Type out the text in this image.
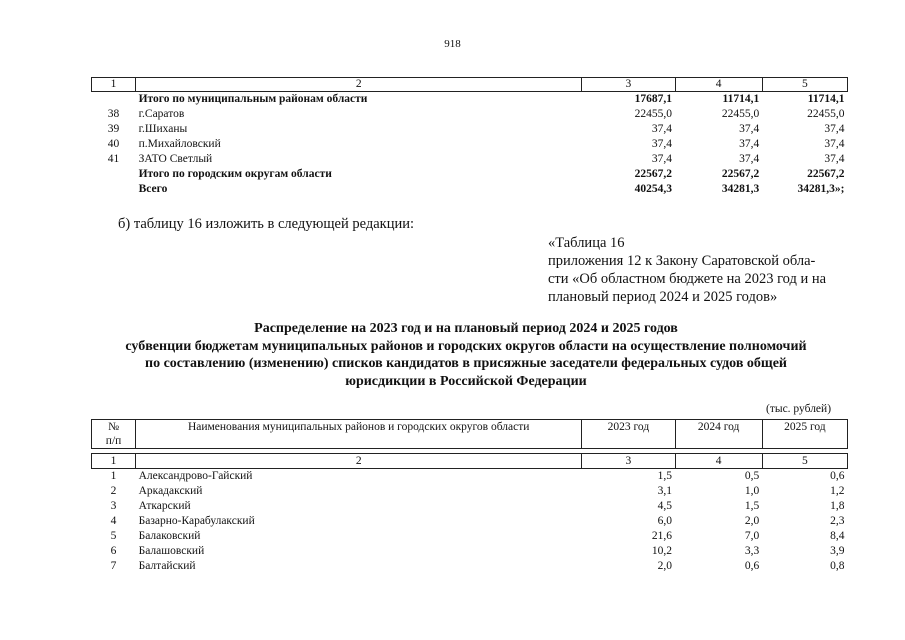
918
1	2	3	4	5
	Итого по муниципальным районам области	17687,1	11714,1	11714,1
38	г.Саратов	22455,0	22455,0	22455,0
39	г.Шиханы	37,4	37,4	37,4
40	п.Михайловский	37,4	37,4	37,4
41	ЗАТО Светлый	37,4	37,4	37,4
	Итого по городским округам области	22567,2	22567,2	22567,2
	Всего	40254,3	34281,3	34281,3»;
б) таблицу 16 изложить в следующей редакции:
«Таблица 16
приложения 12 к Закону Саратовской обла-
сти «Об областном бюджете на 2023 год и на
плановый период 2024 и 2025 годов»
Распределение на 2023 год и на плановый период 2024 и 2025 годов
субвенции бюджетам муниципальных районов и городских округов области на осуществление полномочий
по составлению (изменению) списков кандидатов в присяжные заседатели федеральных судов общей
юрисдикции в Российской Федерации
(тыс. рублей)
№
п/п	Наименования муниципальных районов и городских округов области	2023 год	2024 год	2025 год

1	2	3	4	5
1	Александрово-Гайский	1,5	0,5	0,6
2	Аркадакский	3,1	1,0	1,2
3	Аткарский	4,5	1,5	1,8
4	Базарно-Карабулакский	6,0	2,0	2,3
5	Балаковский	21,6	7,0	8,4
6	Балашовский	10,2	3,3	3,9
7	Балтайский	2,0	0,6	0,8
